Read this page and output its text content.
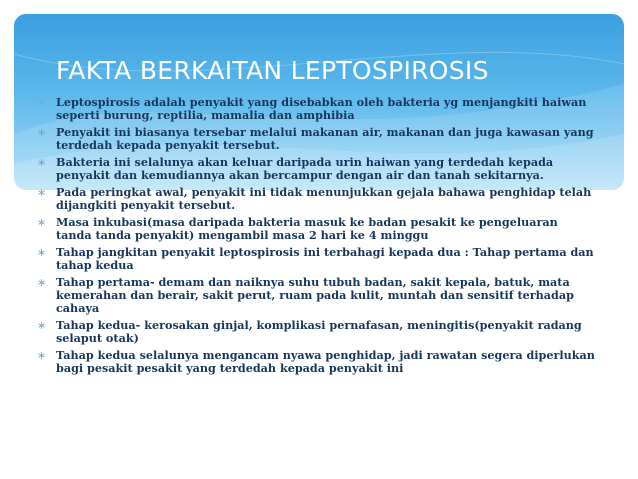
FAKTA BERKAITAN LEPTOSPIROSIS
∗ Leptospirosis adalah penyakit yang disebabkan oleh bakteria yg menjangkiti haiwan seperti burung, reptilia, mamalia dan amphibia
∗ Penyakit ini biasanya tersebar melalui makanan air, makanan dan juga kawasan yang terdedah kepada penyakit tersebut.
∗ Bakteria ini selalunya akan keluar daripada urin haiwan yang terdedah kepada penyakit dan kemudiannya akan bercampur dengan air dan tanah sekitarnya.
∗ Pada peringkat awal, penyakit ini tidak menunjukkan gejala bahawa penghidap telah dijangkiti penyakit tersebut.
∗ Masa inkubasi(masa daripada bakteria masuk ke badan pesakit ke pengeluaran tanda tanda penyakit) mengambil masa 2 hari ke 4 minggu
∗ Tahap jangkitan penyakit leptospirosis ini terbahagi kepada dua : Tahap pertama dan tahap kedua
∗ Tahap pertama- demam dan naiknya suhu tubuh badan, sakit kepala, batuk, mata kemerahan dan berair, sakit perut, ruam pada kulit, muntah dan sensitif terhadap cahaya
∗ Tahap kedua- kerosakan ginjal, komplikasi pernafasan, meningitis(penyakit radang selaput otak)
∗ Tahap kedua selalunya mengancam nyawa penghidap, jadi rawatan segera diperlukan bagi pesakit pesakit yang terdedah kepada penyakit ini
